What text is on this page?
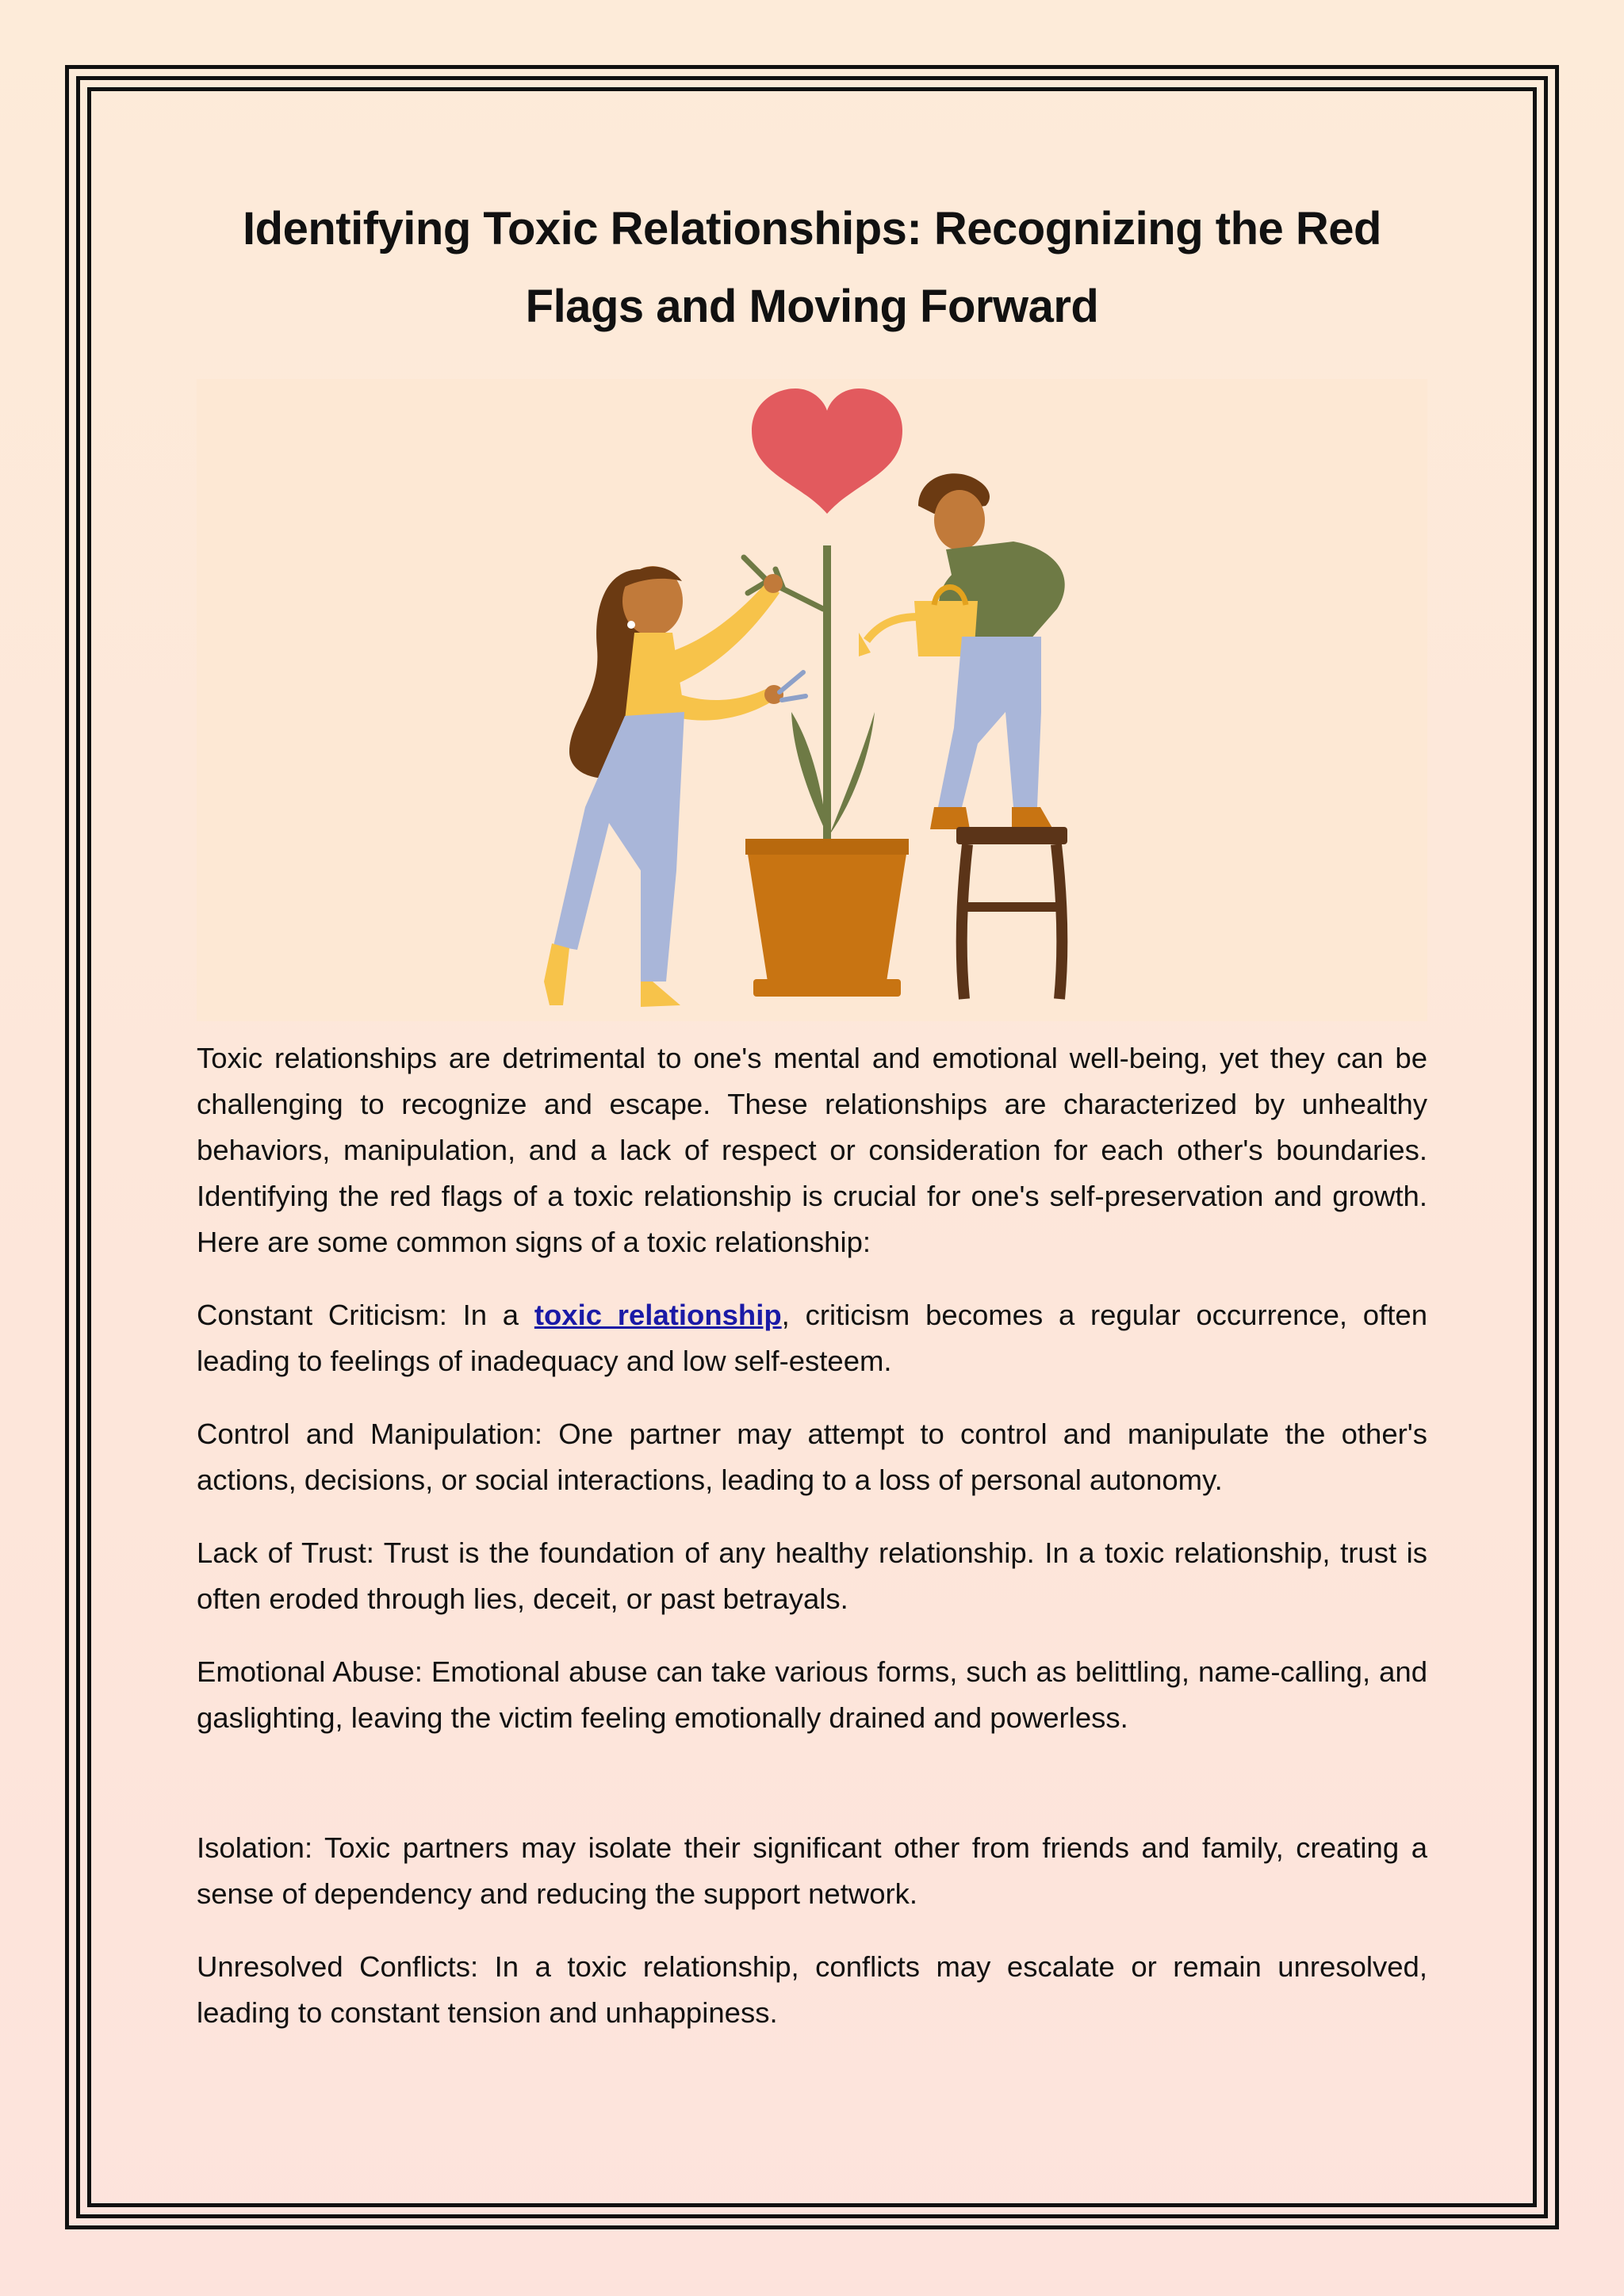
Identifying Toxic Relationships: Recognizing the Red Flags and Moving Forward

Toxic relationships are detrimental to one's mental and emotional well-being, yet they can be challenging to recognize and escape. These relationships are characterized by unhealthy behaviors, manipulation, and a lack of respect or consideration for each other's boundaries. Identifying the red flags of a toxic relationship is crucial for one's self-preservation and growth. Here are some common signs of a toxic relationship:

Constant Criticism: In a toxic relationship, criticism becomes a regular occurrence, often leading to feelings of inadequacy and low self-esteem.

Control and Manipulation: One partner may attempt to control and manipulate the other's actions, decisions, or social interactions, leading to a loss of personal autonomy.

Lack of Trust: Trust is the foundation of any healthy relationship. In a toxic relationship, trust is often eroded through lies, deceit, or past betrayals.

Emotional Abuse: Emotional abuse can take various forms, such as belittling, name-calling, and gaslighting, leaving the victim feeling emotionally drained and powerless.

Isolation: Toxic partners may isolate their significant other from friends and family, creating a sense of dependency and reducing the support network.

Unresolved Conflicts: In a toxic relationship, conflicts may escalate or remain unresolved, leading to constant tension and unhappiness.
